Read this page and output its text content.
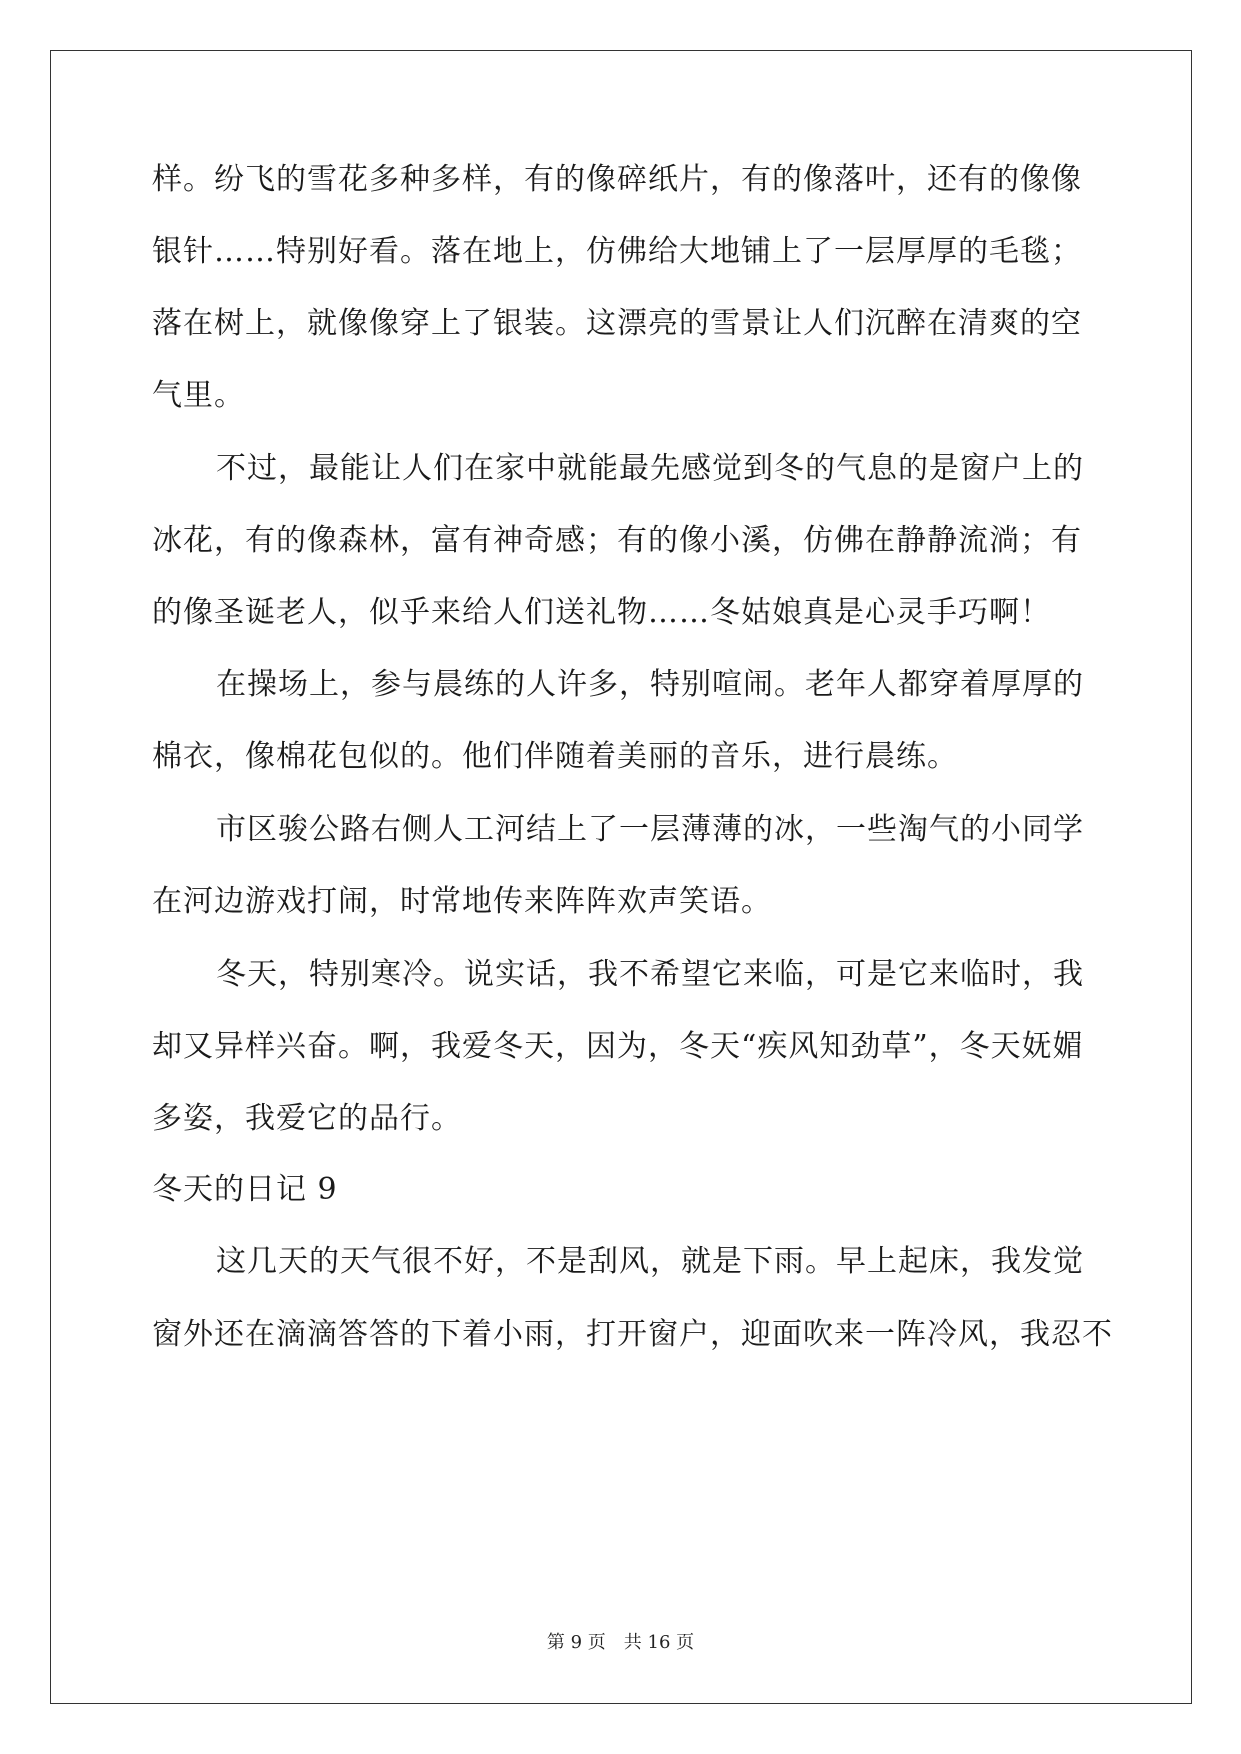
样。纷飞的雪花多种多样，有的像碎纸片，有的像落叶，还有的像像
银针……特别好看。落在地上，仿佛给大地铺上了一层厚厚的毛毯；
落在树上，就像像穿上了银装。这漂亮的雪景让人们沉醉在清爽的空
气里。
不过，最能让人们在家中就能最先感觉到冬的气息的是窗户上的
冰花，有的像森林，富有神奇感；有的像小溪，仿佛在静静流淌；有
的像圣诞老人，似乎来给人们送礼物……冬姑娘真是心灵手巧啊！
在操场上，参与晨练的人许多，特别喧闹。老年人都穿着厚厚的
棉衣，像棉花包似的。他们伴随着美丽的音乐，进行晨练。
市区骏公路右侧人工河结上了一层薄薄的冰，一些淘气的小同学
在河边游戏打闹，时常地传来阵阵欢声笑语。
冬天，特别寒冷。说实话，我不希望它来临，可是它来临时，我
却又异样兴奋。啊，我爱冬天，因为，冬天“疾风知劲草”，冬天妩媚
多姿，我爱它的品行。
冬天的日记 9
这几天的天气很不好，不是刮风，就是下雨。早上起床，我发觉
窗外还在滴滴答答的下着小雨，打开窗户，迎面吹来一阵冷风，我忍不
第 9 页　共 16 页
